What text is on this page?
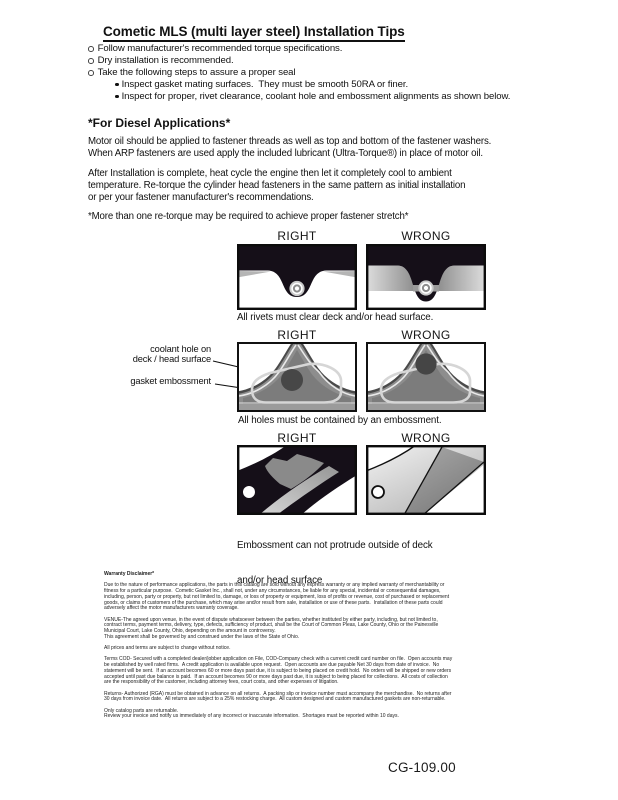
Cometic MLS (multi layer steel) Installation Tips
Follow manufacturer's recommended torque specifications.
Dry installation is recommended.
Take the following steps to assure a proper seal
Inspect gasket mating surfaces.  They must be smooth 50RA or finer.
Inspect for proper, rivet clearance, coolant hole and embossment alignments as shown below.
*For Diesel Applications*
Motor oil should be applied to fastener threads as well as top and bottom of the fastener washers.
When ARP fasteners are used apply the included lubricant (Ultra-Torque®) in place of motor oil.
After Installation is complete, heat cycle the engine then let it completely cool to ambient
temperature. Re-torque the cylinder head fasteners in the same pattern as initial installation
or per your fastener manufacturer's recommendations.
*More than one re-torque may be required to achieve proper fastener stretch*
RIGHT	WRONG
All rivets must clear deck and/or head surface.
RIGHT	WRONG
coolant hole on
deck / head surface
gasket embossment
All holes must be contained by an embossment.
RIGHT	WRONG

Embossment can not protrude outside of deck

and/or head surface

Warranty Disclaimer*
Due to the nature of performance applications, the parts in this catalog are sold without any express warranty or any implied warranty of merchantability or
fitness for a particular purpose.  Cometic Gasket Inc., shall not, under any circumstances, be liable for any special, incidental or consequential damages,
including, person, party or property, but not limited to, damage, or loss of property or equipment, loss of profits or revenue, cost of purchased or replacement
goods, or claims of customers of the purchase, which may arise and/or result from sale, installation or use of these parts.  Installation of these parts could
adversely affect the motor manufacturers warranty coverage.
VENUE-The agreed upon venue, in the event of dispute whatsoever between the parties, whether instituted by either party, including, but not limited to,
contract terms, payment terms, delivery, type, defects, sufficiency of product, shall be the Court of Common Pleas, Lake County, Ohio or the Painesville
Municipal Court, Lake County, Ohio, depending on the amount in controversy.
This agreement shall be governed by and construed under the laws of the State of Ohio.
All prices and terms are subject to change without notice.
Terms COD- Secured with a completed dealer/jobber application on File, COD-Company check with a current credit card number on file.  Open accounts may
be established by well rated firms.  A credit application is available upon request.  Open accounts are due payable Net 30 days from date of invoice.  No
statement will be sent.  If an account becomes 60 or more days past due, it is subject to being placed on credit hold.  No orders will be shipped or new orders
accepted until past due balance is paid.  If an account becomes 90 or more days past due, it is subject to being placed for collections.  All costs of collection
are the responsibility of the customer, including attorney fees, court costs, and other expenses of litigation.
Returns- Authorized (RGA) must be obtained in advance on all returns.  A packing slip or invoice number must accompany the merchandise.  No returns after
30 days from invoice date.  All returns are subject to a 25% restocking charge.  All custom designed and custom manufactured gaskets are non-returnable.
Only catalog parts are returnable.
Review your invoice and notify us immediately of any incorrect or inaccurate information.  Shortages must be reported within 10 days.
CG-109.00
